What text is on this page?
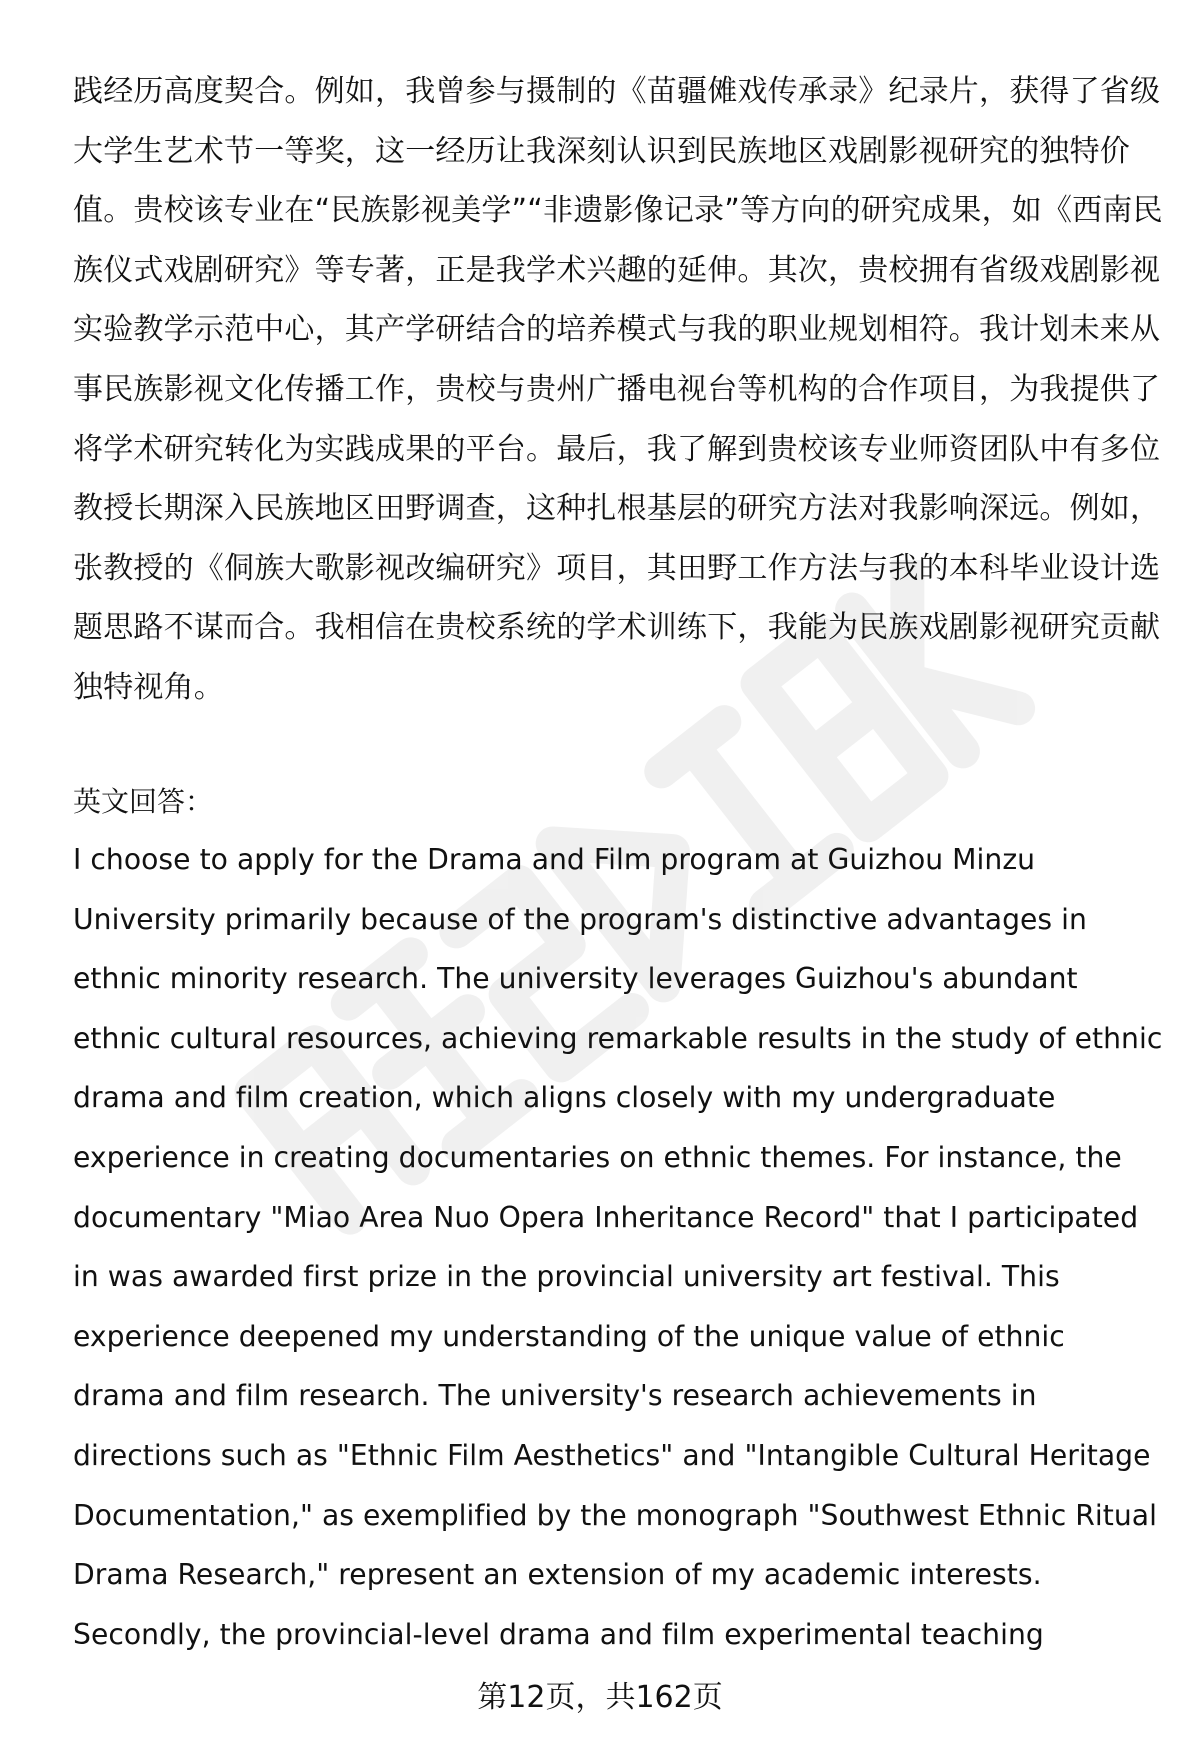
践经历高度契合。例如，我曾参与摄制的《苗疆傩戏传承录》纪录片，获得了省级大学生艺术节一等奖，这一经历让我深刻认识到民族地区戏剧影视研究的独特价值。贵校该专业在“民族影视美学”“非遗影像记录”等方向的研究成果，如《西南民族仪式戏剧研究》等专著，正是我学术兴趣的延伸。其次，贵校拥有省级戏剧影视实验教学示范中心，其产学研结合的培养模式与我的职业规划相符。我计划未来从事民族影视文化传播工作，贵校与贵州广播电视台等机构的合作项目，为我提供了将学术研究转化为实践成果的平台。最后，我了解到贵校该专业师资团队中有多位教授长期深入民族地区田野调查，这种扎根基层的研究方法对我影响深远。例如，张教授的《侗族大歌影视改编研究》项目，其田野工作方法与我的本科毕业设计选题思路不谋而合。我相信在贵校系统的学术训练下，我能为民族戏剧影视研究贡献独特视角。

英文回答：

I choose to apply for the Drama and Film program at Guizhou Minzu University primarily because of the program's distinctive advantages in ethnic minority research. The university leverages Guizhou's abundant ethnic cultural resources, achieving remarkable results in the study of ethnic drama and film creation, which aligns closely with my undergraduate experience in creating documentaries on ethnic themes. For instance, the documentary "Miao Area Nuo Opera Inheritance Record" that I participated in was awarded first prize in the provincial university art festival. This experience deepened my understanding of the unique value of ethnic drama and film research. The university's research achievements in directions such as "Ethnic Film Aesthetics" and "Intangible Cultural Heritage Documentation," as exemplified by the monograph "Southwest Ethnic Ritual Drama Research," represent an extension of my academic interests. Secondly, the provincial-level drama and film experimental teaching

第12页，共162页
